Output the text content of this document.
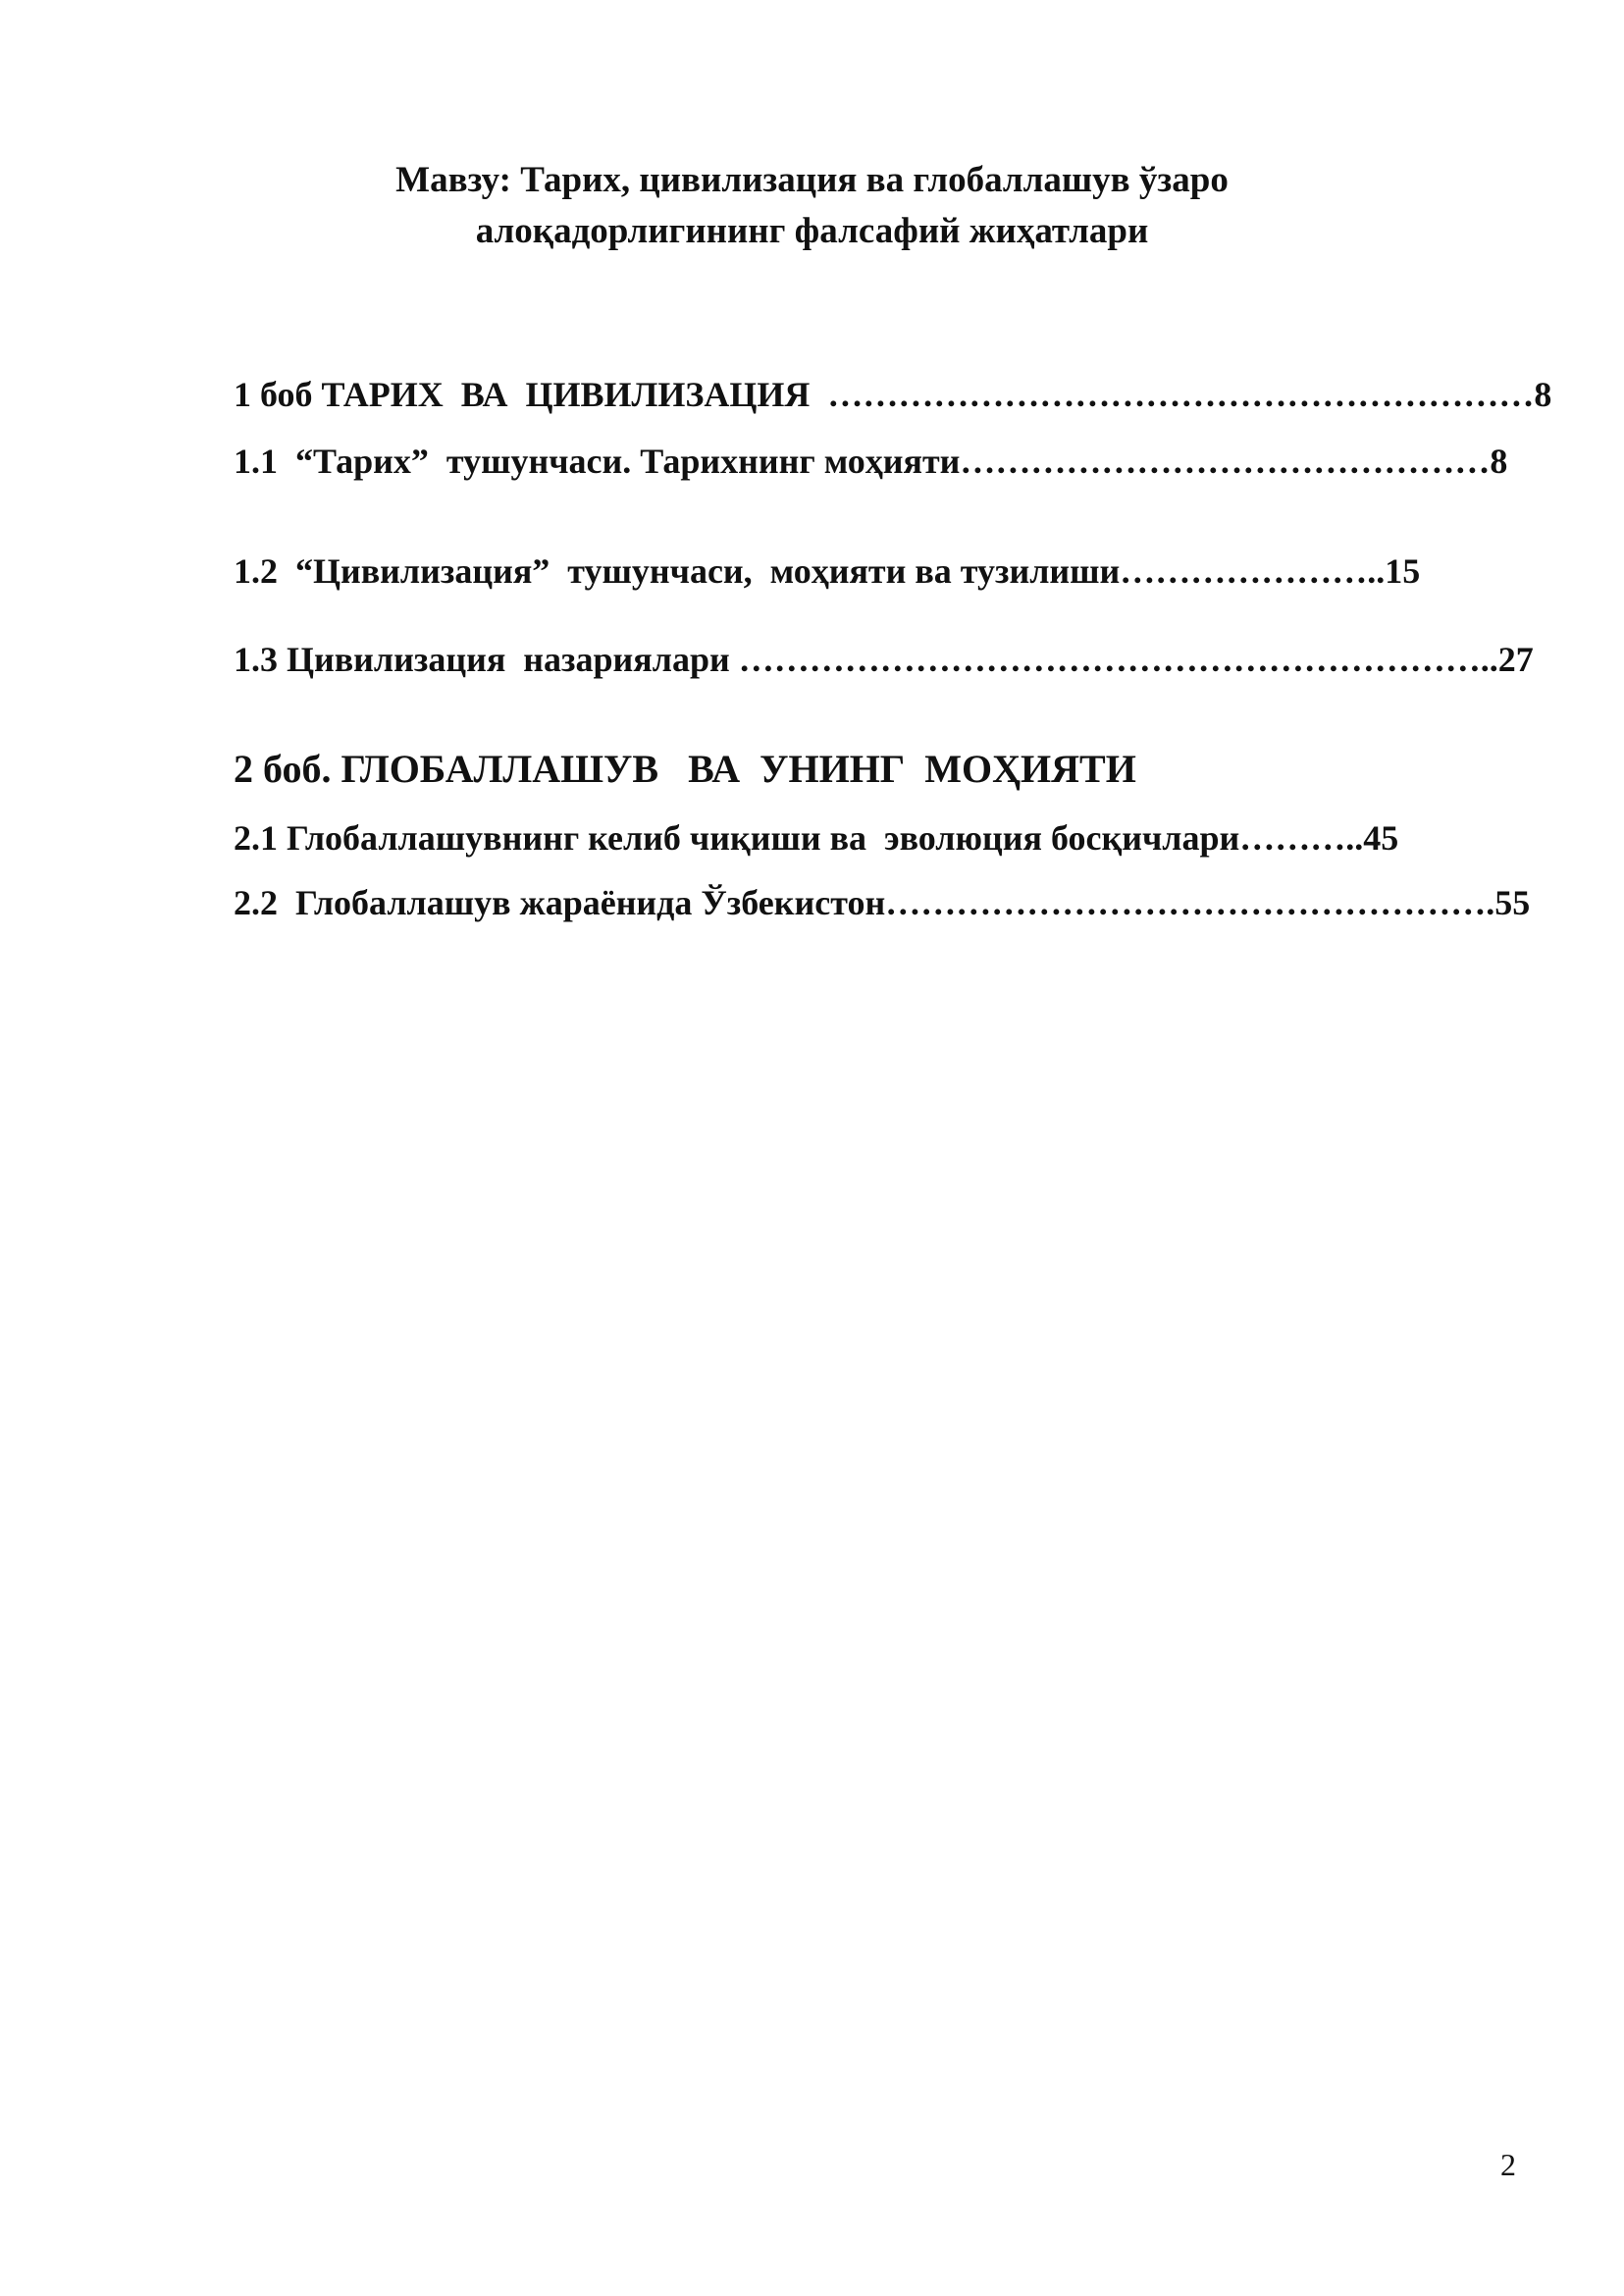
Мавзу: Тарих, цивилизация ва глобаллашув ўзаро
алоқадорлигининг фалсафий жиҳатлари
1 боб ТАРИХ  ВА  ЦИВИЛИЗАЦИЯ  ……………………………………………………8
1.1  “Тарих”  тушунчаси. Тарихнинг моҳияти………………………………………8
1.2  “Цивилизация”  тушунчаси,  моҳияти ва тузилиши…………………..15
1.3 Цивилизация  назариялари ………………………………………………………..27
2 боб. ГЛОБАЛЛАШУВ   ВА  УНИНГ  МОҲИЯТИ
2.1 Глобаллашувнинг келиб чиқиши ва  эволюция босқичлари………..45
2.2  Глобаллашув жараёнида Ўзбекистон…………………………………………….55
2
